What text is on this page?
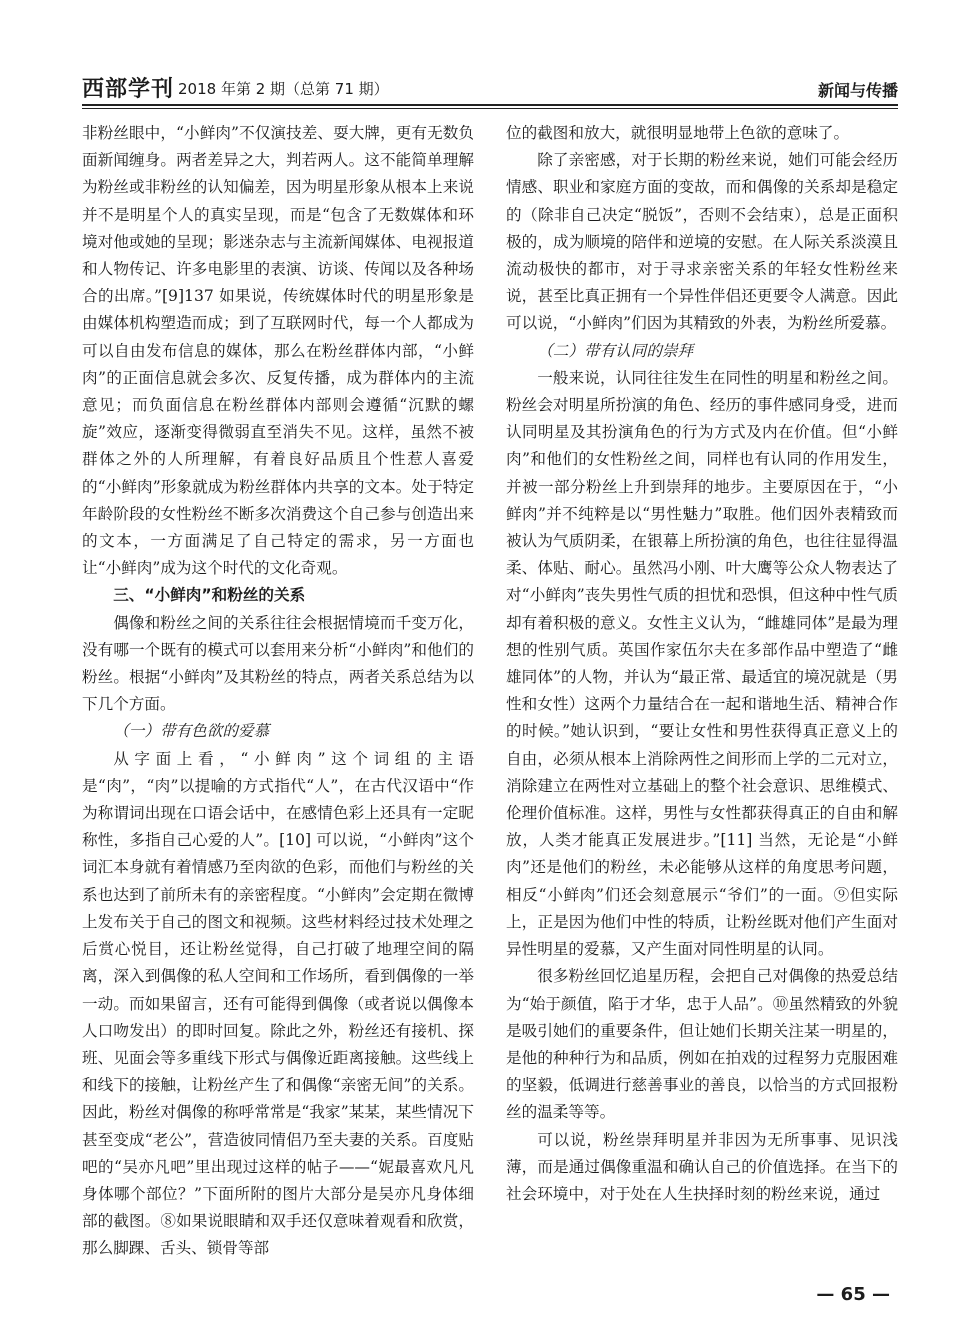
西部学刊 2018 年第 2 期（总第 71 期）	新闻与传播

非粉丝眼中，“小鲜肉”不仅演技差、耍大牌，更有无数负面新闻缠身。两者差异之大，判若两人。这不能简单理解为粉丝或非粉丝的认知偏差，因为明星形象从根本上来说并不是明星个人的真实呈现，而是“包含了无数媒体和环境对他或她的呈现；影迷杂志与主流新闻媒体、电视报道和人物传记、许多电影里的表演、访谈、传闻以及各种场合的出席。”[9]137 如果说，传统媒体时代的明星形象是由媒体机构塑造而成；到了互联网时代，每一个人都成为可以自由发布信息的媒体，那么在粉丝群体内部，“小鲜肉”的正面信息就会多次、反复传播，成为群体内的主流意见；而负面信息在粉丝群体内部则会遵循“沉默的螺旋”效应，逐渐变得微弱直至消失不见。这样，虽然不被群体之外的人所理解，有着良好品质且个性惹人喜爱的“小鲜肉”形象就成为粉丝群体内共享的文本。处于特定年龄阶段的女性粉丝不断多次消费这个自己参与创造出来的文本，一方面满足了自己特定的需求，另一方面也让“小鲜肉”成为这个时代的文化奇观。

三、“小鲜肉”和粉丝的关系

偶像和粉丝之间的关系往往会根据情境而千变万化，没有哪一个既有的模式可以套用来分析“小鲜肉”和他们的粉丝。根据“小鲜肉”及其粉丝的特点，两者关系总结为以下几个方面。

（一）带有色欲的爱慕

从字面上看，“小鲜肉”这个词组的主语是“肉”，“肉”以提喻的方式指代“人”，在古代汉语中“作为称谓词出现在口语会话中，在感情色彩上还具有一定昵称性，多指自己心爱的人”。[10] 可以说，“小鲜肉”这个词汇本身就有着情感乃至肉欲的色彩，而他们与粉丝的关系也达到了前所未有的亲密程度。“小鲜肉”会定期在微博上发布关于自己的图文和视频。这些材料经过技术处理之后赏心悦目，还让粉丝觉得，自己打破了地理空间的隔离，深入到偶像的私人空间和工作场所，看到偶像的一举一动。而如果留言，还有可能得到偶像（或者说以偶像本人口吻发出）的即时回复。除此之外，粉丝还有接机、探班、见面会等多重线下形式与偶像近距离接触。这些线上和线下的接触，让粉丝产生了和偶像“亲密无间”的关系。因此，粉丝对偶像的称呼常常是“我家”某某，某些情况下甚至变成“老公”，营造彼同情侣乃至夫妻的关系。百度贴吧的“吴亦凡吧”里出现过这样的帖子——“妮最喜欢凡凡身体哪个部位？”下面所附的图片大部分是吴亦凡身体细部的截图。⑧如果说眼睛和双手还仅意味着观看和欣赏，那么脚踝、舌头、锁骨等部

位的截图和放大，就很明显地带上色欲的意味了。

除了亲密感，对于长期的粉丝来说，她们可能会经历情感、职业和家庭方面的变故，而和偶像的关系却是稳定的（除非自己决定“脱饭”，否则不会结束），总是正面积极的，成为顺境的陪伴和逆境的安慰。在人际关系淡漠且流动极快的都市，对于寻求亲密关系的年轻女性粉丝来说，甚至比真正拥有一个异性伴侣还更要令人满意。因此可以说，“小鲜肉”们因为其精致的外表，为粉丝所爱慕。

（二）带有认同的崇拜

一般来说，认同往往发生在同性的明星和粉丝之间。粉丝会对明星所扮演的角色、经历的事件感同身受，进而认同明星及其扮演角色的行为方式及内在价值。但“小鲜肉”和他们的女性粉丝之间，同样也有认同的作用发生，并被一部分粉丝上升到崇拜的地步。主要原因在于，“小鲜肉”并不纯粹是以“男性魅力”取胜。他们因外表精致而被认为气质阴柔，在银幕上所扮演的角色，也往往显得温柔、体贴、耐心。虽然冯小刚、叶大鹰等公众人物表达了对“小鲜肉”丧失男性气质的担忧和恐惧，但这种中性气质却有着积极的意义。女性主义认为，“雌雄同体”是最为理想的性别气质。英国作家伍尔夫在多部作品中塑造了“雌雄同体”的人物，并认为“最正常、最适宜的境况就是（男性和女性）这两个力量结合在一起和谐地生活、精神合作的时候。”她认识到，“要让女性和男性获得真正意义上的自由，必须从根本上消除两性之间形而上学的二元对立，消除建立在两性对立基础上的整个社会意识、思维模式、伦理价值标准。这样，男性与女性都获得真正的自由和解放，人类才能真正发展进步。”[11] 当然，无论是“小鲜肉”还是他们的粉丝，未必能够从这样的角度思考问题，相反“小鲜肉”们还会刻意展示“爷们”的一面。⑨但实际上，正是因为他们中性的特质，让粉丝既对他们产生面对异性明星的爱慕，又产生面对同性明星的认同。

很多粉丝回忆追星历程，会把自己对偶像的热爱总结为“始于颜值，陷于才华，忠于人品”。⑩虽然精致的外貌是吸引她们的重要条件，但让她们长期关注某一明星的，是他的种种行为和品质，例如在拍戏的过程努力克服困难的坚毅，低调进行慈善事业的善良，以恰当的方式回报粉丝的温柔等等。

可以说，粉丝崇拜明星并非因为无所事事、见识浅薄，而是通过偶像重温和确认自己的价值选择。在当下的社会环境中，对于处在人生抉择时刻的粉丝来说，通过

— 65 —
